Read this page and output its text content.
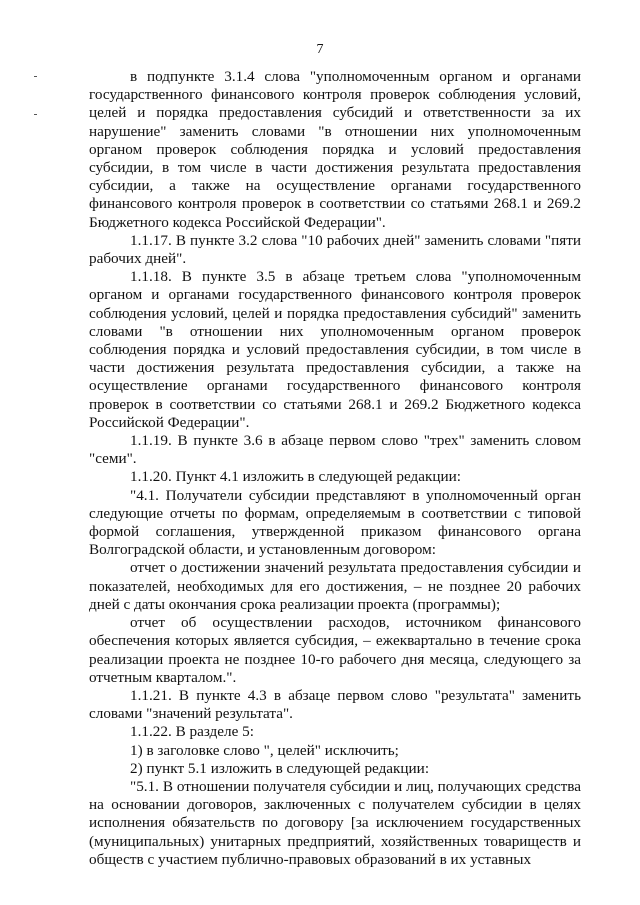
7

в подпункте 3.1.4 слова "уполномоченным органом и органами государственного финансового контроля проверок соблюдения условий, целей и порядка предоставления субсидий и ответственности за их нарушение" заменить словами "в отношении них уполномоченным органом проверок соблюдения порядка и условий предоставления субсидии, в том числе в части достижения результата предоставления субсидии, а также на осуществление органами государственного финансового контроля проверок в соответствии со статьями 268.1 и 269.2 Бюджетного кодекса Российской Федерации".

1.1.17. В пункте 3.2 слова "10 рабочих дней" заменить словами "пяти рабочих дней".

1.1.18. В пункте 3.5 в абзаце третьем слова "уполномоченным органом и органами государственного финансового контроля проверок соблюдения условий, целей и порядка предоставления субсидий" заменить словами "в отношении них уполномоченным органом проверок соблюдения порядка и условий предоставления субсидии, в том числе в части достижения результата предоставления субсидии, а также на осуществление органами государственного финансового контроля проверок в соответствии со статьями 268.1 и 269.2 Бюджетного кодекса Российской Федерации".

1.1.19. В пункте 3.6 в абзаце первом слово "трех" заменить словом "семи".

1.1.20. Пункт 4.1 изложить в следующей редакции:

"4.1. Получатели субсидии представляют в уполномоченный орган следующие отчеты по формам, определяемым в соответствии с типовой формой соглашения, утвержденной приказом финансового органа Волгоградской области, и установленным договором:

отчет о достижении значений результата предоставления субсидии и показателей, необходимых для его достижения, – не позднее 20 рабочих дней с даты окончания срока реализации проекта (программы);

отчет об осуществлении расходов, источником финансового обеспечения которых является субсидия, – ежеквартально в течение срока реализации проекта не позднее 10-го рабочего дня месяца, следующего за отчетным кварталом.".

1.1.21. В пункте 4.3 в абзаце первом слово "результата" заменить словами "значений результата".

1.1.22. В разделе 5:

1) в заголовке слово ", целей" исключить;

2) пункт 5.1 изложить в следующей редакции:

"5.1. В отношении получателя субсидии и лиц, получающих средства на основании договоров, заключенных с получателем субсидии в целях исполнения обязательств по договору [за исключением государственных (муниципальных) унитарных предприятий, хозяйственных товариществ и обществ с участием публично-правовых образований в их уставных
